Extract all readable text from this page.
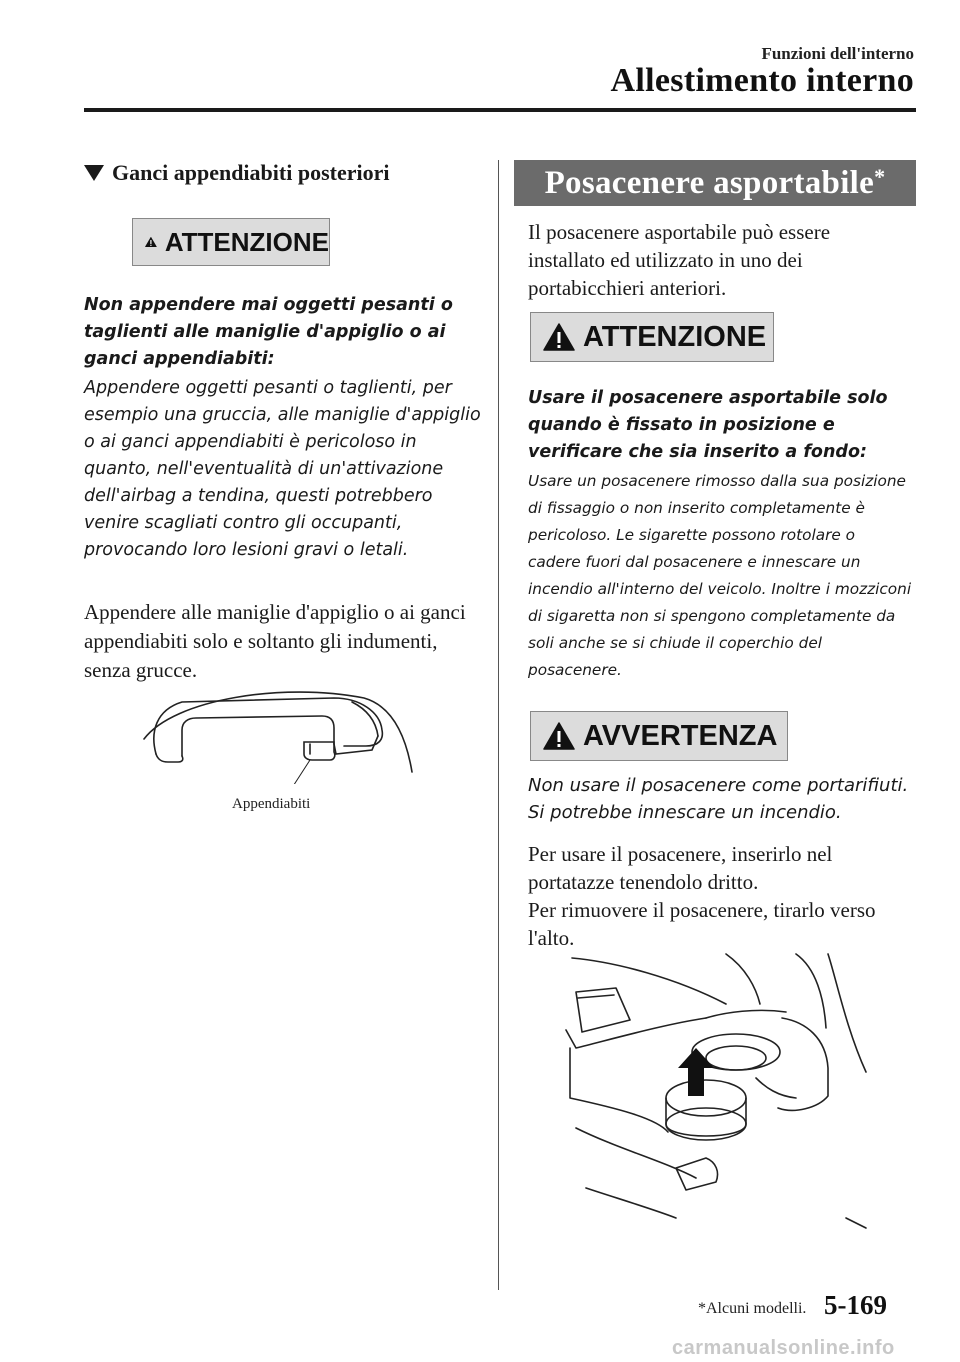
Funzioni dell'interno
Allestimento interno
Ganci appendiabiti posteriori
ATTENZIONE
Non appendere mai oggetti pesanti o taglienti alle maniglie d'appiglio o ai ganci appendiabiti:
Appendere oggetti pesanti o taglienti, per esempio una gruccia, alle maniglie d'appiglio o ai ganci appendiabiti è pericoloso in quanto, nell'eventualità di un'attivazione dell'airbag a tendina, questi potrebbero venire scagliati contro gli occupanti, provocando loro lesioni gravi o letali.
Appendere alle maniglie d'appiglio o ai ganci appendiabiti solo e soltanto gli indumenti, senza grucce.
Appendiabiti
Posacenere asportabile*
Il posacenere asportabile può essere installato ed utilizzato in uno dei portabicchieri anteriori.
ATTENZIONE
Usare il posacenere asportabile solo quando è fissato in posizione e verificare che sia inserito a fondo:
Usare un posacenere rimosso dalla sua posizione di fissaggio o non inserito completamente è pericoloso. Le sigarette possono rotolare o cadere fuori dal posacenere e innescare un incendio all'interno del veicolo. Inoltre i mozziconi di sigaretta non si spengono completamente da soli anche se si chiude il coperchio del posacenere.
AVVERTENZA
Non usare il posacenere come portarifiuti. Si potrebbe innescare un incendio.
Per usare il posacenere, inserirlo nel portatazze tenendolo dritto.
Per rimuovere il posacenere, tirarlo verso l'alto.
*Alcuni modelli. 5-169
carmanualsonline.info
